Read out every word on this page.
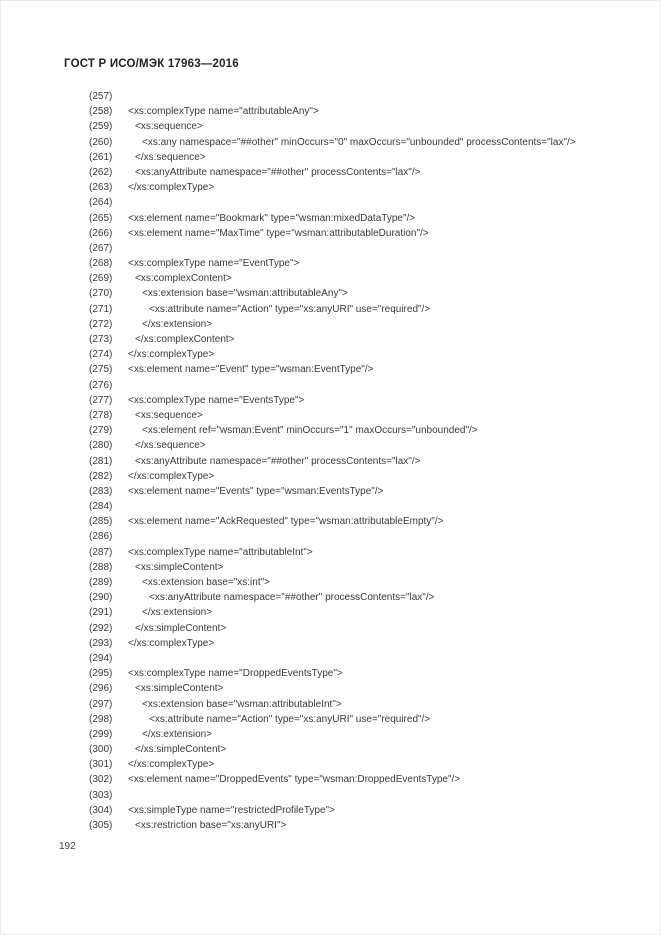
ГОСТ Р ИСО/МЭК 17963—2016
(257)
(258)	<xs:complexType name="attributableAny">
(259)	<xs:sequence>
(260)	<xs:any namespace="##other" minOccurs="0" maxOccurs="unbounded" processContents="lax"/>
(261)	</xs:sequence>
(262)	<xs:anyAttribute namespace="##other" processContents="lax"/>
(263)	</xs:complexType>
(264)
(265)	<xs:element name="Bookmark" type="wsman:mixedDataType"/>
(266)	<xs:element name="MaxTime" type="wsman:attributableDuration"/>
(267)
(268)	<xs:complexType name="EventType">
(269)	<xs:complexContent>
(270)	<xs:extension base="wsman:attributableAny">
(271)	<xs:attribute name="Action" type="xs:anyURI" use="required"/>
(272)	</xs:extension>
(273)	</xs:complexContent>
(274)	</xs:complexType>
(275)	<xs:element name="Event" type="wsman:EventType"/>
(276)
(277)	<xs:complexType name="EventsType">
(278)	<xs:sequence>
(279)	<xs:element ref="wsman:Event" minOccurs="1" maxOccurs="unbounded"/>
(280)	</xs:sequence>
(281)	<xs:anyAttribute namespace="##other" processContents="lax"/>
(282)	</xs:complexType>
(283)	<xs:element name="Events" type="wsman:EventsType"/>
(284)
(285)	<xs:element name="AckRequested" type="wsman:attributableEmpty"/>
(286)
(287)	<xs:complexType name="attributableInt">
(288)	<xs:simpleContent>
(289)	<xs:extension base="xs:int">
(290)	<xs:anyAttribute namespace="##other" processContents="lax"/>
(291)	</xs:extension>
(292)	</xs:simpleContent>
(293)	</xs:complexType>
(294)
(295)	<xs:complexType name="DroppedEventsType">
(296)	<xs:simpleContent>
(297)	<xs:extension base="wsman:attributableInt">
(298)	<xs:attribute name="Action" type="xs:anyURI" use="required"/>
(299)	</xs:extension>
(300)	</xs:simpleContent>
(301)	</xs:complexType>
(302)	<xs:element name="DroppedEvents" type="wsman:DroppedEventsType"/>
(303)
(304)	<xs:simpleType name="restrictedProfileType">
(305)	<xs:restriction base="xs:anyURI">
192
